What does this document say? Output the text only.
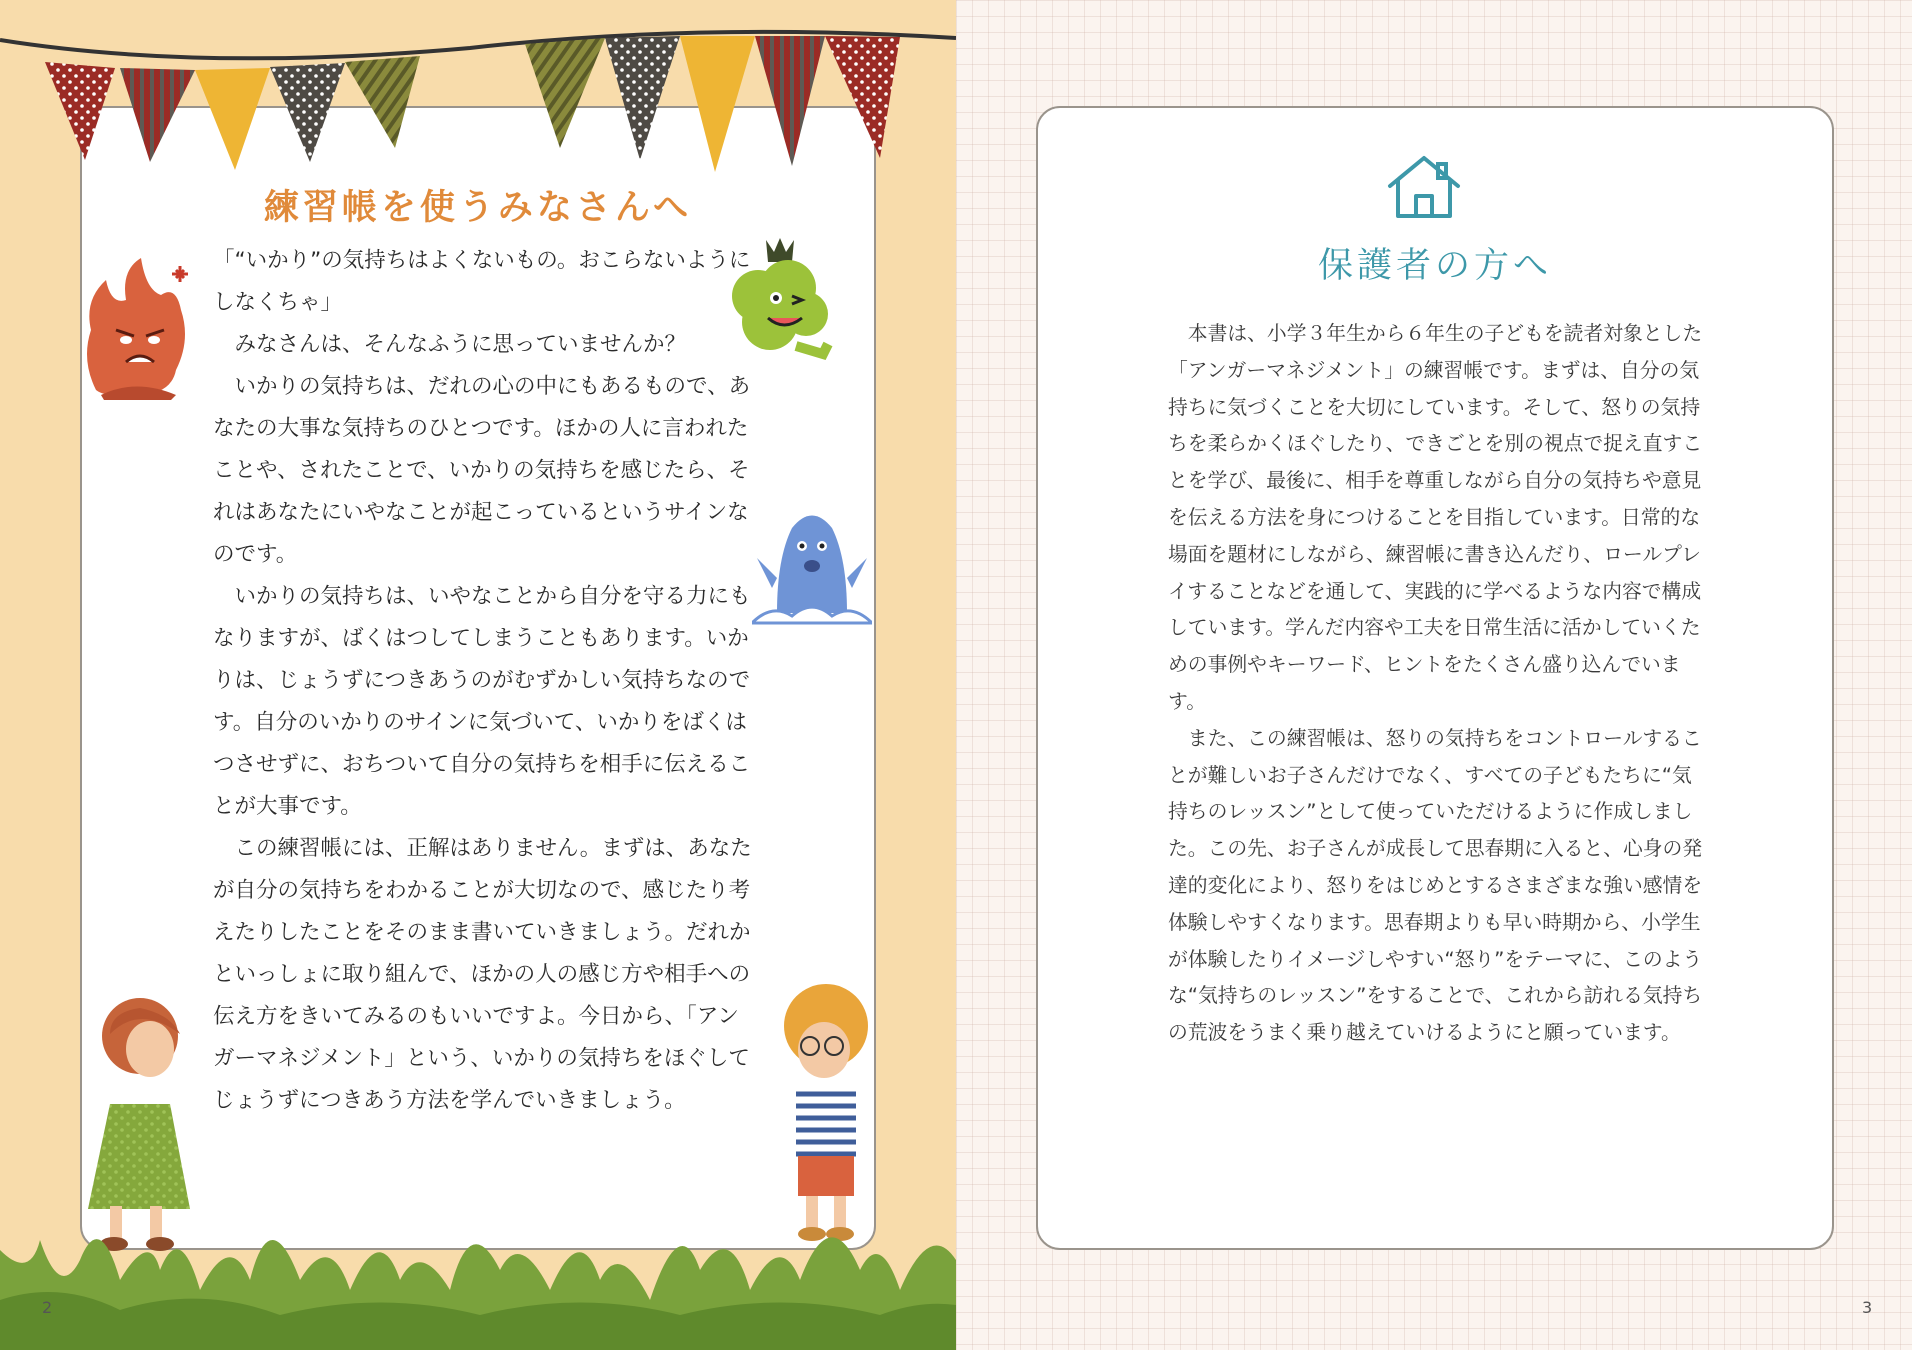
練習帳を使うみなさんへ

「“いかり”の気持ちはよくないもの。おこらないようにしなくちゃ」

みなさんは、そんなふうに思っていませんか？

いかりの気持ちは、だれの心の中にもあるもので、あなたの大事な気持ちのひとつです。ほかの人に言われたことや、されたことで、いかりの気持ちを感じたら、それはあなたにいやなことが起こっているというサインなのです。

いかりの気持ちは、いやなことから自分を守る力にもなりますが、ばくはつしてしまうこともあります。いかりは、じょうずにつきあうのがむずかしい気持ちなので す。自分のいかりのサインに気づいて、いかりをばくはつさせずに、おちついて自分の気持ちを相手に伝えることが大事です。

この練習帳には、正解はありません。まずは、あなたが自分の気持ちをわかることが大切なので、感じたり考えたりしたことをそのまま書いていきましょう。だれかといっしょに取り組んで、ほかの人の感じ方や相手への伝え方をきいてみるのもいいですよ。今日から、「アンガーマネジメント」という、いかりの気持ちをほぐしてじょうずにつきあう方法を学んでいきましょう。

2
保護者の方へ

本書は、小学３年生から６年生の子どもを読者対象とした「アンガーマネジメント」の練習帳です。まずは、自分の気持ちに気づくことを大切にしています。そして、怒りの気持ちを柔らかくほぐしたり、できごとを別の視点で捉え直すことを学び、最後に、相手を尊重しながら自分の気持ちや意見を伝える方法を身につけることを目指しています。日常的な場面を題材にしながら、練習帳に書き込んだり、ロールプレイすることなどを通して、実践的に学べるような内容で構成しています。学んだ内容や工夫を日常生活に活かしていくための事例やキーワード、ヒントをたくさん盛り込んでいます。

また、この練習帳は、怒りの気持ちをコントロールすることが難しいお子さんだけでなく、すべての子どもたちに“気持ちのレッスン”として使っていただけるように作成しました。この先、お子さんが成長して思春期に入ると、心身の発達的変化により、怒りをはじめとするさまざまな強い感情を体験しやすくなります。思春期よりも早い時期から、小学生が体験したりイメージしやすい“怒り”をテーマに、このような“気持ちのレッスン”をすることで、これから訪れる気持ちの荒波をうまく乗り越えていけるようにと願っています。

3
